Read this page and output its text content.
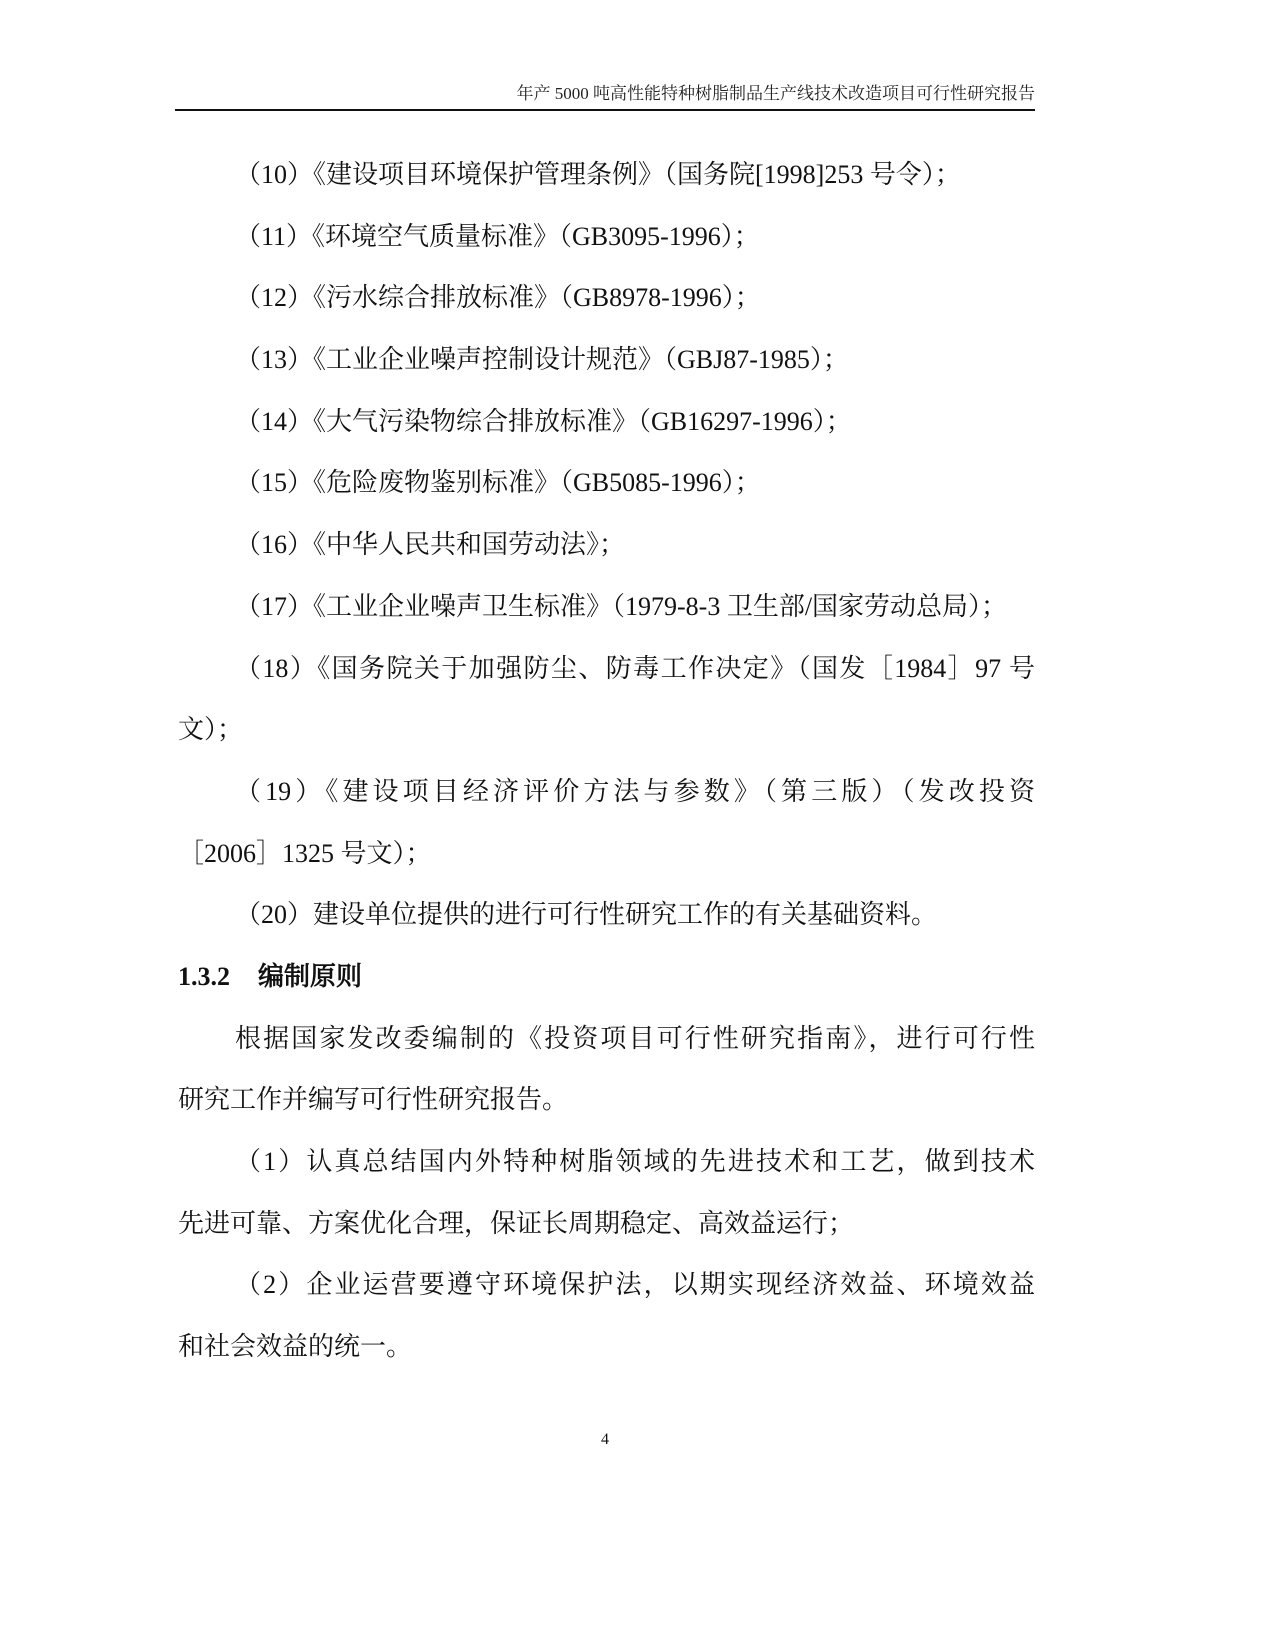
年产 5000 吨高性能特种树脂制品生产线技术改造项目可行性研究报告
（10）《建设项目环境保护管理条例》（国务院[1998]253 号令）；
（11）《环境空气质量标准》（GB3095-1996）；
（12）《污水综合排放标准》（GB8978-1996）；
（13）《工业企业噪声控制设计规范》（GBJ87-1985）；
（14）《大气污染物综合排放标准》（GB16297-1996）；
（15）《危险废物鉴别标准》（GB5085-1996）；
（16）《中华人民共和国劳动法》；
（17）《工业企业噪声卫生标准》（1979-8-3 卫生部/国家劳动总局）；
（18）《国务院关于加强防尘、防毒工作决定》（国发［1984］97 号
文）；
（19）《建设项目经济评价方法与参数》（第三版）（发改投资
［2006］1325 号文）；
（20）建设单位提供的进行可行性研究工作的有关基础资料。
1.3.2 编制原则
根据国家发改委编制的《投资项目可行性研究指南》，进行可行性
研究工作并编写可行性研究报告。
（1）认真总结国内外特种树脂领域的先进技术和工艺，做到技术
先进可靠、方案优化合理，保证长周期稳定、高效益运行；
（2）企业运营要遵守环境保护法，以期实现经济效益、环境效益
和社会效益的统一。
4
